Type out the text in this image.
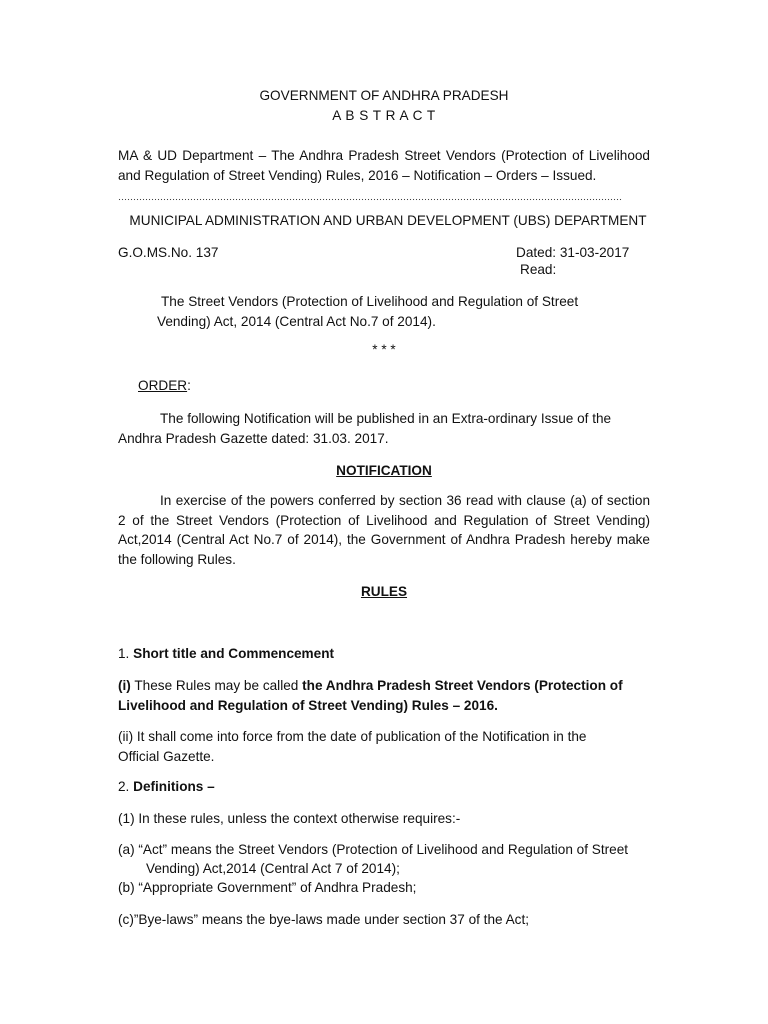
GOVERNMENT OF ANDHRA PRADESH
A B S T R A C T
MA & UD Department – The Andhra Pradesh Street Vendors (Protection of Livelihood and Regulation of Street Vending) Rules, 2016 – Notification – Orders – Issued.
MUNICIPAL ADMINISTRATION AND URBAN DEVELOPMENT (UBS) DEPARTMENT
G.O.MS.No. 137	Dated: 31-03-2017
Read:
The Street Vendors (Protection of Livelihood and Regulation of Street Vending) Act, 2014 (Central Act No.7 of 2014).
* * *
ORDER:
The following Notification will be published in an Extra-ordinary Issue of the Andhra Pradesh Gazette dated: 31.03. 2017.
NOTIFICATION
In exercise of the powers conferred by section 36 read with clause (a) of section 2 of the Street Vendors (Protection of Livelihood and Regulation of Street Vending) Act,2014 (Central Act No.7 of 2014), the Government of Andhra Pradesh hereby make the following Rules.
RULES
1. Short title and Commencement
(i) These Rules may be called the Andhra Pradesh Street Vendors (Protection of Livelihood and Regulation of Street Vending) Rules – 2016.
(ii) It shall come into force from the date of publication of the Notification in the Official Gazette.
2. Definitions –
(1) In these rules, unless the context otherwise requires:-
(a) “Act” means the Street Vendors (Protection of Livelihood and Regulation of Street
Vending) Act,2014 (Central Act 7 of 2014);
(b) “Appropriate Government” of Andhra Pradesh;
(c)”Bye-laws” means the bye-laws made under section 37 of the Act;
